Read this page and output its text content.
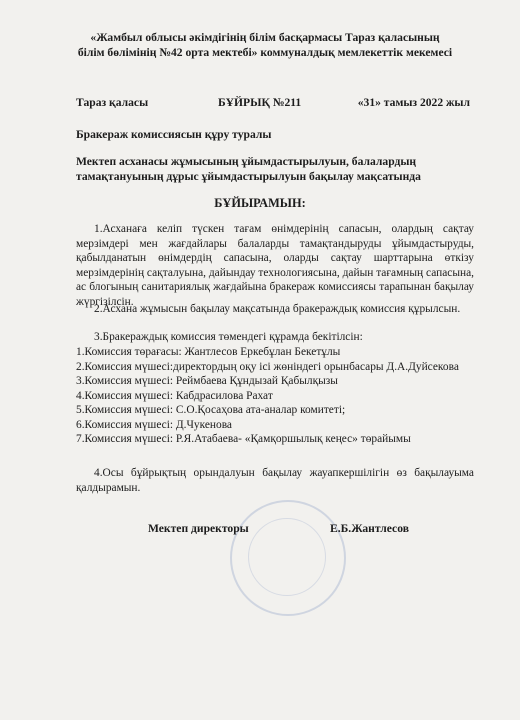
«Жамбыл облысы әкімдігінің білім басқармасы Тараз қаласының
білім бөлімінің №42 орта мектебі» коммуналдық мемлекеттік мекемесі
Тараз қаласы	БҰЙРЫҚ №211	«31» тамыз 2022 жыл
Бракераж комиссиясын құру туралы
Мектеп асханасы жұмысының ұйымдастырылуын, балалардың
тамақтануының дұрыс ұйымдастырылуын бақылау мақсатында
БҰЙЫРАМЫН:
1.Асханаға келіп түскен тағам өнімдерінің сапасын, олардың сақтау мерзімдері мен жағдайлары балаларды тамақтандыруды ұйымдастыруды, қабылданатын өнімдердің сапасына, оларды сақтау шарттарына өткізу мерзімдерінің сақталуына, дайындау технологиясына, дайын тағамның сапасына, ас блогының санитариялық жағдайына бракераж комиссиясы тарапынан бақылау жүргізілсін.
2.Асхана жұмысын бақылау мақсатында бракераждық комиссия құрылсын.
3.Бракераждық комиссия төмендегі құрамда бекітілсін:
1.Комиссия төрағасы: Жантлесов Еркебұлан Бекетұлы
2.Комиссия мүшесі:директордың оқу ісі жөніндегі орынбасары Д.А.Дуйсекова
3.Комиссия мүшесі: Реймбаева Құндызай Қабылқызы
4.Комиссия мүшесі: Кабдрасилова Рахат
5.Комиссия мүшесі: С.О.Қосаҳова ата-аналар комитеті;
6.Комиссия мүшесі: Д.Чукенова
7.Комиссия мүшесі: Р.Я.Атабаева- «Қамқоршылық кеңес» төрайымы
4.Осы бұйрықтың орындалуын бақылау жауапкершілігін өз бақылауыма қалдырамын.
Мектеп директоры	Е.Б.Жантлесов
